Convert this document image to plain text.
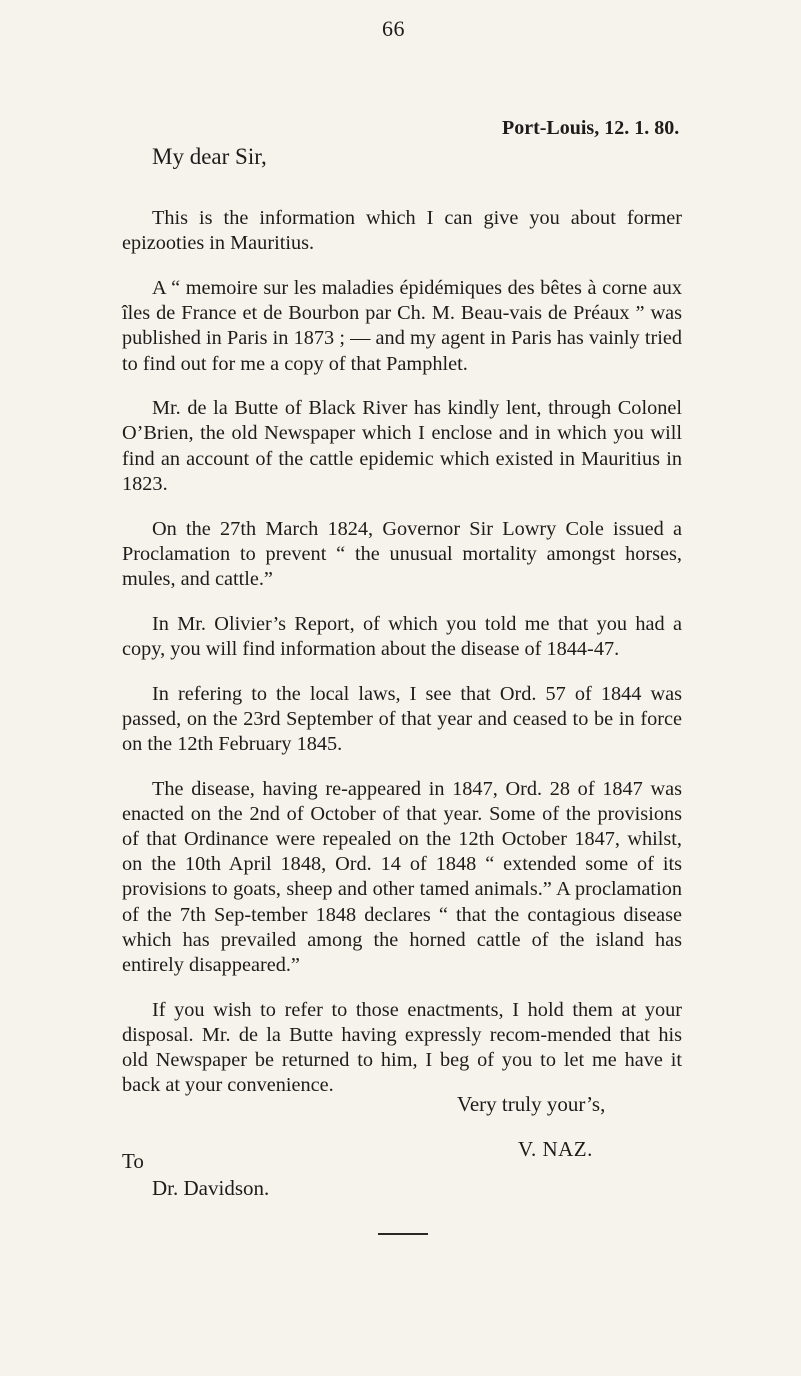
66
Port-Louis, 12. 1. 80.
My dear Sir,

This is the information which I can give you about former epizooties in Mauritius.

A “ memoire sur les maladies épidémiques des bêtes à corne aux îles de France et de Bourbon par Ch. M. Beau-vais de Préaux ” was published in Paris in 1873 ; — and my agent in Paris has vainly tried to find out for me a copy of that Pamphlet.

Mr. de la Butte of Black River has kindly lent, through Colonel O’Brien, the old Newspaper which I enclose and in which you will find an account of the cattle epidemic which existed in Mauritius in 1823.

On the 27th March 1824, Governor Sir Lowry Cole issued a Proclamation to prevent “ the unusual mortality amongst horses, mules, and cattle.”

In Mr. Olivier’s Report, of which you told me that you had a copy, you will find information about the disease of 1844-47.

In refering to the local laws, I see that Ord. 57 of 1844 was passed, on the 23rd September of that year and ceased to be in force on the 12th February 1845.

The disease, having re-appeared in 1847, Ord. 28 of 1847 was enacted on the 2nd of October of that year. Some of the provisions of that Ordinance were repealed on the 12th October 1847, whilst, on the 10th April 1848, Ord. 14 of 1848 “ extended some of its provisions to goats, sheep and other tamed animals.” A proclamation of the 7th Sep-tember 1848 declares “ that the contagious disease which has prevailed among the horned cattle of the island has entirely disappeared.”

If you wish to refer to those enactments, I hold them at your disposal. Mr. de la Butte having expressly recom-mended that his old Newspaper be returned to him, I beg of you to let me have it back at your convenience.

Very truly your’s,
V. NAZ.
To
Dr. Davidson.
